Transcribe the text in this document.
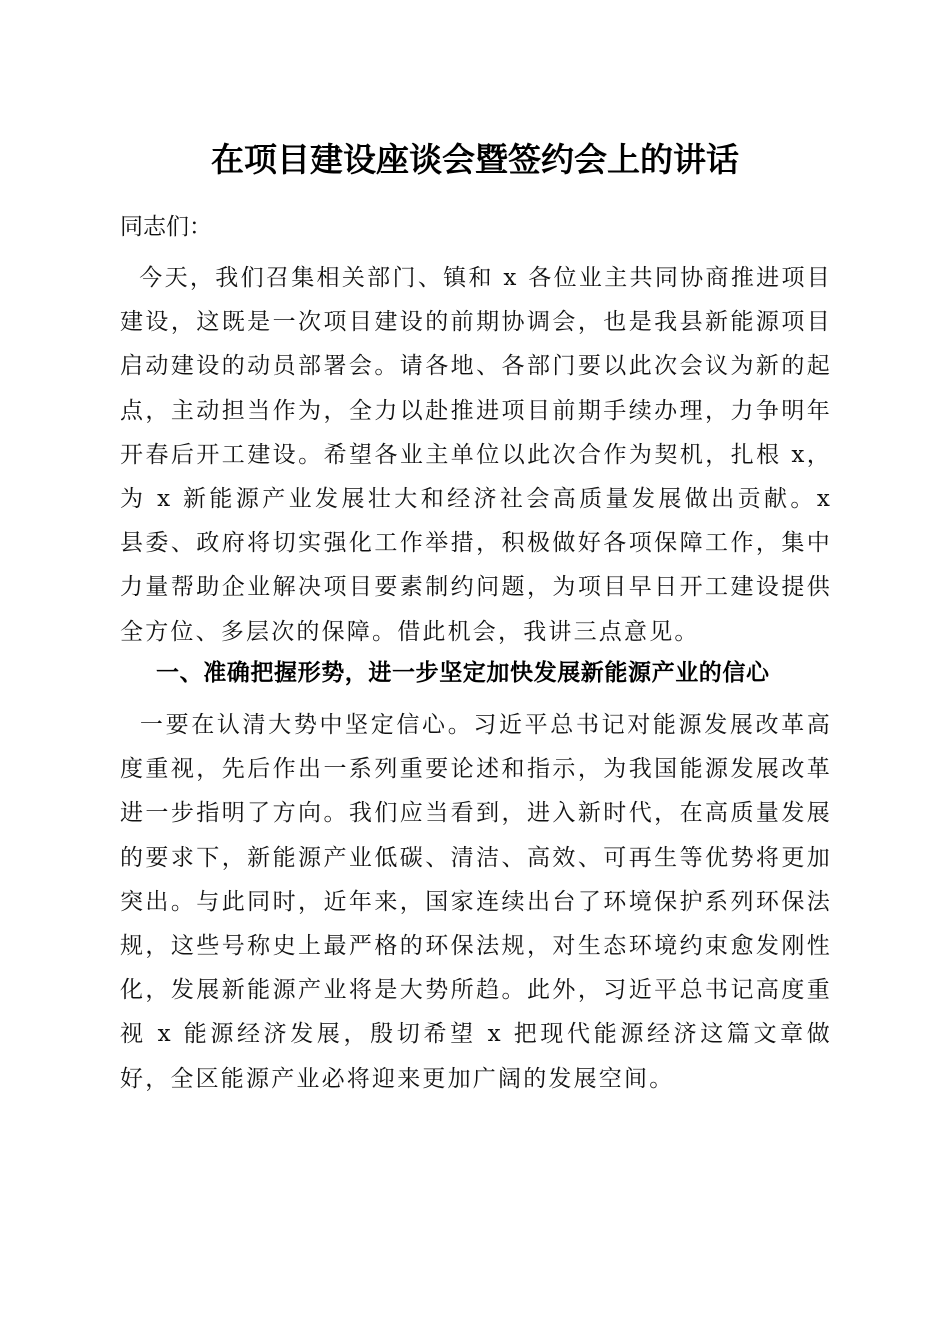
在项目建设座谈会暨签约会上的讲话
同志们：
今天，我们召集相关部门、镇和 x 各位业主共同协商推进项目建设，这既是一次项目建设的前期协调会，也是我县新能源项目启动建设的动员部署会。请各地、各部门要以此次会议为新的起点，主动担当作为，全力以赴推进项目前期手续办理，力争明年开春后开工建设。希望各业主单位以此次合作为契机，扎根 x，为 x 新能源产业发展壮大和经济社会高质量发展做出贡献。x 县委、政府将切实强化工作举措，积极做好各项保障工作，集中力量帮助企业解决项目要素制约问题，为项目早日开工建设提供全方位、多层次的保障。借此机会，我讲三点意见。
一、准确把握形势，进一步坚定加快发展新能源产业的信心
一要在认清大势中坚定信心。习近平总书记对能源发展改革高度重视，先后作出一系列重要论述和指示，为我国能源发展改革进一步指明了方向。我们应当看到，进入新时代，在高质量发展的要求下，新能源产业低碳、清洁、高效、可再生等优势将更加突出。与此同时，近年来，国家连续出台了环境保护系列环保法规，这些号称史上最严格的环保法规，对生态环境约束愈发刚性化，发展新能源产业将是大势所趋。此外，习近平总书记高度重视 x 能源经济发展，殷切希望 x 把现代能源经济这篇文章做好，全区能源产业必将迎来更加广阔的发展空间。
